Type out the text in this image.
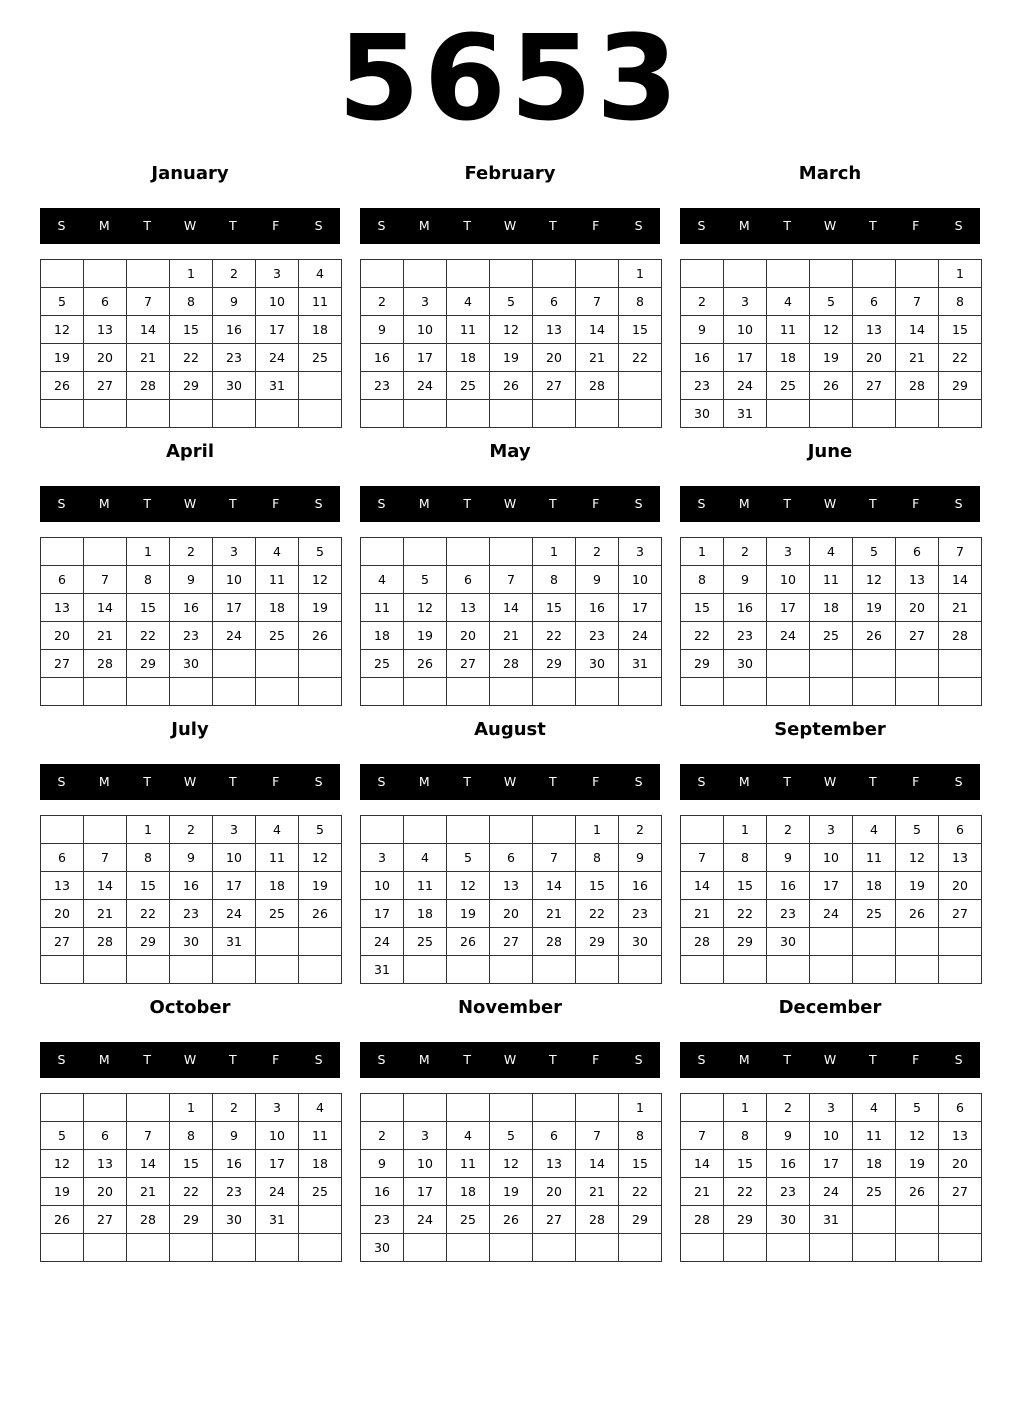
5653
January
S	M	T	W	T	F	S
			1	2	3	4
5	6	7	8	9	10	11
12	13	14	15	16	17	18
19	20	21	22	23	24	25
26	27	28	29	30	31	

February
S	M	T	W	T	F	S
						1
2	3	4	5	6	7	8
9	10	11	12	13	14	15
16	17	18	19	20	21	22
23	24	25	26	27	28	

March
S	M	T	W	T	F	S
						1
2	3	4	5	6	7	8
9	10	11	12	13	14	15
16	17	18	19	20	21	22
23	24	25	26	27	28	29
30	31					
April
S	M	T	W	T	F	S
		1	2	3	4	5
6	7	8	9	10	11	12
13	14	15	16	17	18	19
20	21	22	23	24	25	26
27	28	29	30			

May
S	M	T	W	T	F	S
				1	2	3
4	5	6	7	8	9	10
11	12	13	14	15	16	17
18	19	20	21	22	23	24
25	26	27	28	29	30	31

June
S	M	T	W	T	F	S
1	2	3	4	5	6	7
8	9	10	11	12	13	14
15	16	17	18	19	20	21
22	23	24	25	26	27	28
29	30					

July
S	M	T	W	T	F	S
		1	2	3	4	5
6	7	8	9	10	11	12
13	14	15	16	17	18	19
20	21	22	23	24	25	26
27	28	29	30	31		

August
S	M	T	W	T	F	S
					1	2
3	4	5	6	7	8	9
10	11	12	13	14	15	16
17	18	19	20	21	22	23
24	25	26	27	28	29	30
31						
September
S	M	T	W	T	F	S
	1	2	3	4	5	6
7	8	9	10	11	12	13
14	15	16	17	18	19	20
21	22	23	24	25	26	27
28	29	30				

October
S	M	T	W	T	F	S
			1	2	3	4
5	6	7	8	9	10	11
12	13	14	15	16	17	18
19	20	21	22	23	24	25
26	27	28	29	30	31	

November
S	M	T	W	T	F	S
						1
2	3	4	5	6	7	8
9	10	11	12	13	14	15
16	17	18	19	20	21	22
23	24	25	26	27	28	29
30						
December
S	M	T	W	T	F	S
	1	2	3	4	5	6
7	8	9	10	11	12	13
14	15	16	17	18	19	20
21	22	23	24	25	26	27
28	29	30	31			
